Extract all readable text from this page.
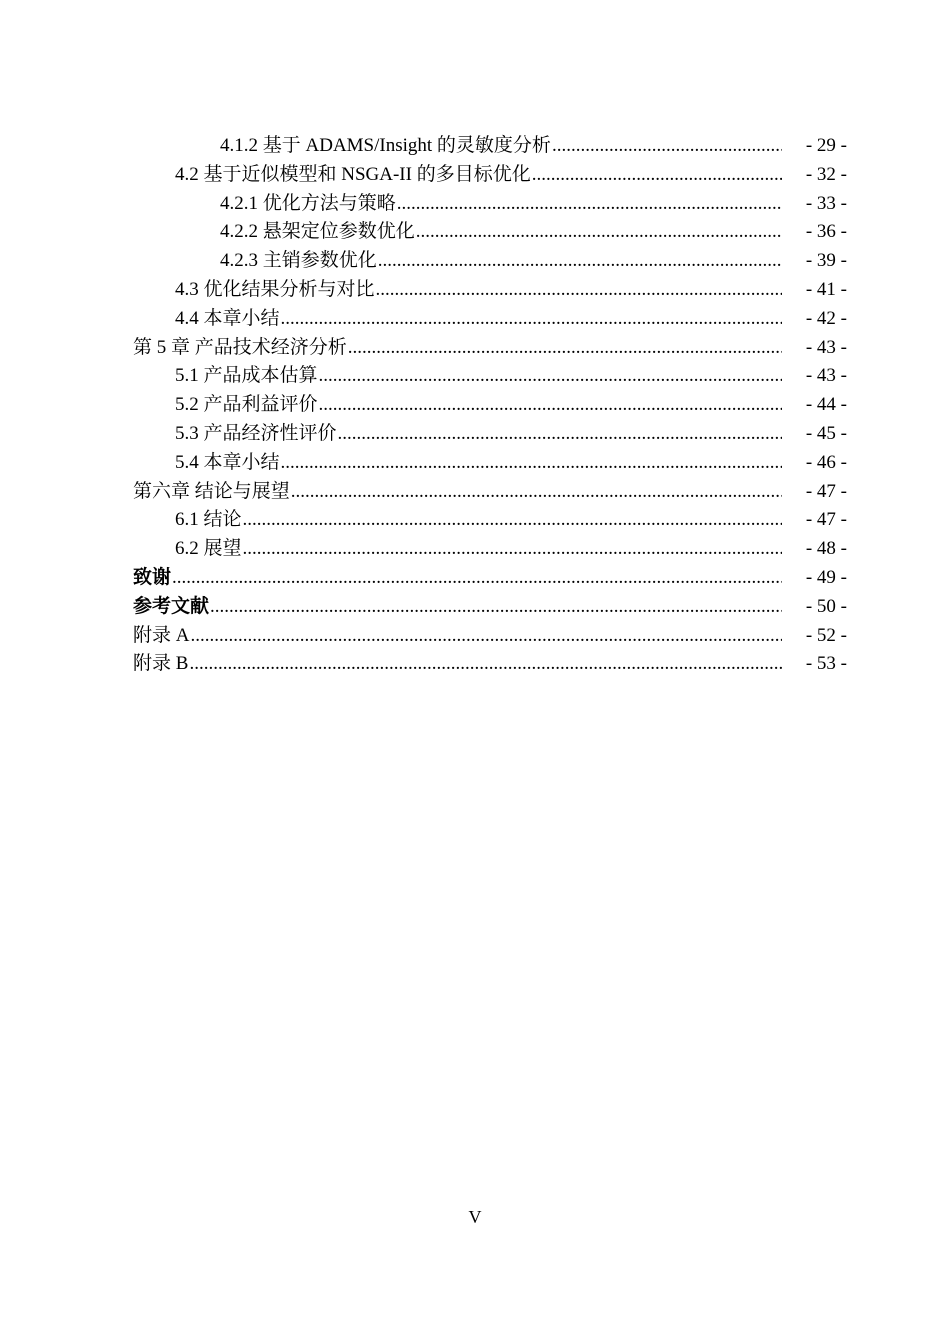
4.1.2 基于 ADAMS/Insight 的灵敏度分析 .....	- 29 -
4.2 基于近似模型和 NSGA-II 的多目标优化 .....	- 32 -
4.2.1 优化方法与策略 .....	- 33 -
4.2.2 悬架定位参数优化 .....	- 36 -
4.2.3 主销参数优化 .....	- 39 -
4.3 优化结果分析与对比 .....	- 41 -
4.4 本章小结 .....	- 42 -
第 5 章 产品技术经济分析 .....	- 43 -
5.1 产品成本估算 .....	- 43 -
5.2 产品利益评价 .....	- 44 -
5.3 产品经济性评价 .....	- 45 -
5.4 本章小结 .....	- 46 -
第六章 结论与展望 .....	- 47 -
6.1 结论 .....	- 47 -
6.2 展望 .....	- 48 -
致谢 .....	- 49 -
参考文献 .....	- 50 -
附录 A .....	- 52 -
附录 B .....	- 53 -
V
